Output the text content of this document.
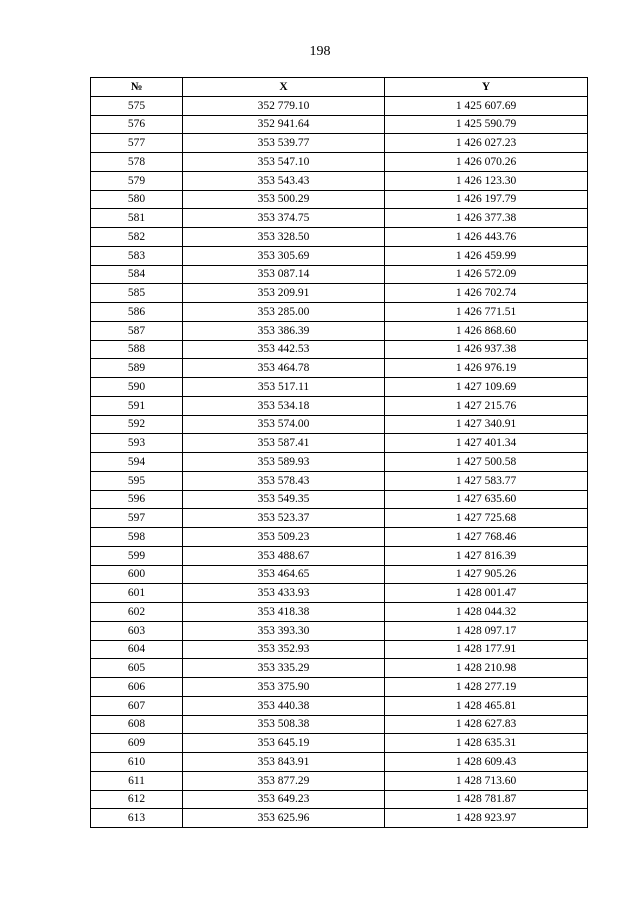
198
№	X	Y
575	352 779.10	1 425 607.69
576	352 941.64	1 425 590.79
577	353 539.77	1 426 027.23
578	353 547.10	1 426 070.26
579	353 543.43	1 426 123.30
580	353 500.29	1 426 197.79
581	353 374.75	1 426 377.38
582	353 328.50	1 426 443.76
583	353 305.69	1 426 459.99
584	353 087.14	1 426 572.09
585	353 209.91	1 426 702.74
586	353 285.00	1 426 771.51
587	353 386.39	1 426 868.60
588	353 442.53	1 426 937.38
589	353 464.78	1 426 976.19
590	353 517.11	1 427 109.69
591	353 534.18	1 427 215.76
592	353 574.00	1 427 340.91
593	353 587.41	1 427 401.34
594	353 589.93	1 427 500.58
595	353 578.43	1 427 583.77
596	353 549.35	1 427 635.60
597	353 523.37	1 427 725.68
598	353 509.23	1 427 768.46
599	353 488.67	1 427 816.39
600	353 464.65	1 427 905.26
601	353 433.93	1 428 001.47
602	353 418.38	1 428 044.32
603	353 393.30	1 428 097.17
604	353 352.93	1 428 177.91
605	353 335.29	1 428 210.98
606	353 375.90	1 428 277.19
607	353 440.38	1 428 465.81
608	353 508.38	1 428 627.83
609	353 645.19	1 428 635.31
610	353 843.91	1 428 609.43
611	353 877.29	1 428 713.60
612	353 649.23	1 428 781.87
613	353 625.96	1 428 923.97
